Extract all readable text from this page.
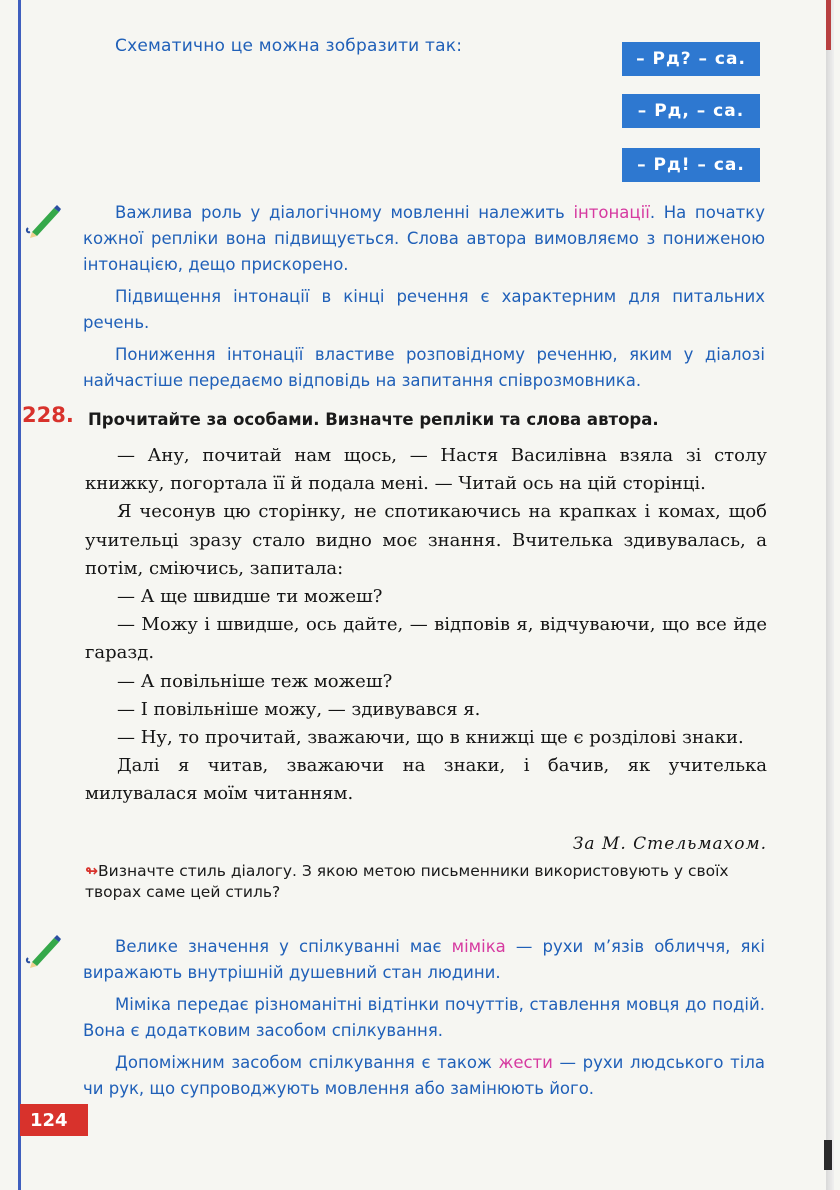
Схематично це можна зобразити так:
– Рд? – са.
– Рд, – са.
– Рд! – са.

Важлива роль у діалогічному мовленні належить інтонації. На початку кожної репліки вона підвищується. Слова автора вимовляємо з пониженою інтонацією, дещо прискорено.

Підвищення інтонації в кінці речення є характерним для питальних речень.

Пониження інтонації властиве розповідному реченню, яким у діалозі найчастіше передаємо відповідь на запитання співрозмовника.

228. Прочитайте за особами. Визначте репліки та слова автора.

— Ану, почитай нам щось, — Настя Василівна взяла зі столу книжку, погортала її й подала мені. — Читай ось на цій сторінці.

Я чесонув цю сторінку, не спотикаючись на крапках і комах, щоб учительці зразу стало видно моє знання. Вчителька здивувалась, а потім, сміючись, запитала:

— А ще швидше ти можеш?

— Можу і швидше, ось дайте, — відповів я, відчуваючи, що все йде гаразд.

— А повільніше теж можеш?

— І повільніше можу, — здивувався я.

— Ну, то прочитай, зважаючи, що в книжці ще є розділові знаки.

Далі я читав, зважаючи на знаки, і бачив, як учителька милувалася моїм читанням.

За М. Стельмахом.
↬Визначте стиль діалогу. З якою метою письменники використовують у своїх творах саме цей стиль?

Велике значення у спілкуванні має міміка — рухи м’язів обличчя, які виражають внутрішній душевний стан людини.

Міміка передає різноманітні відтінки почуттів, ставлення мовця до подій. Вона є додатковим засобом спілкування.

Допоміжним засобом спілкування є також жести — рухи людського тіла чи рук, що супроводжують мовлення або замінюють його.

124
